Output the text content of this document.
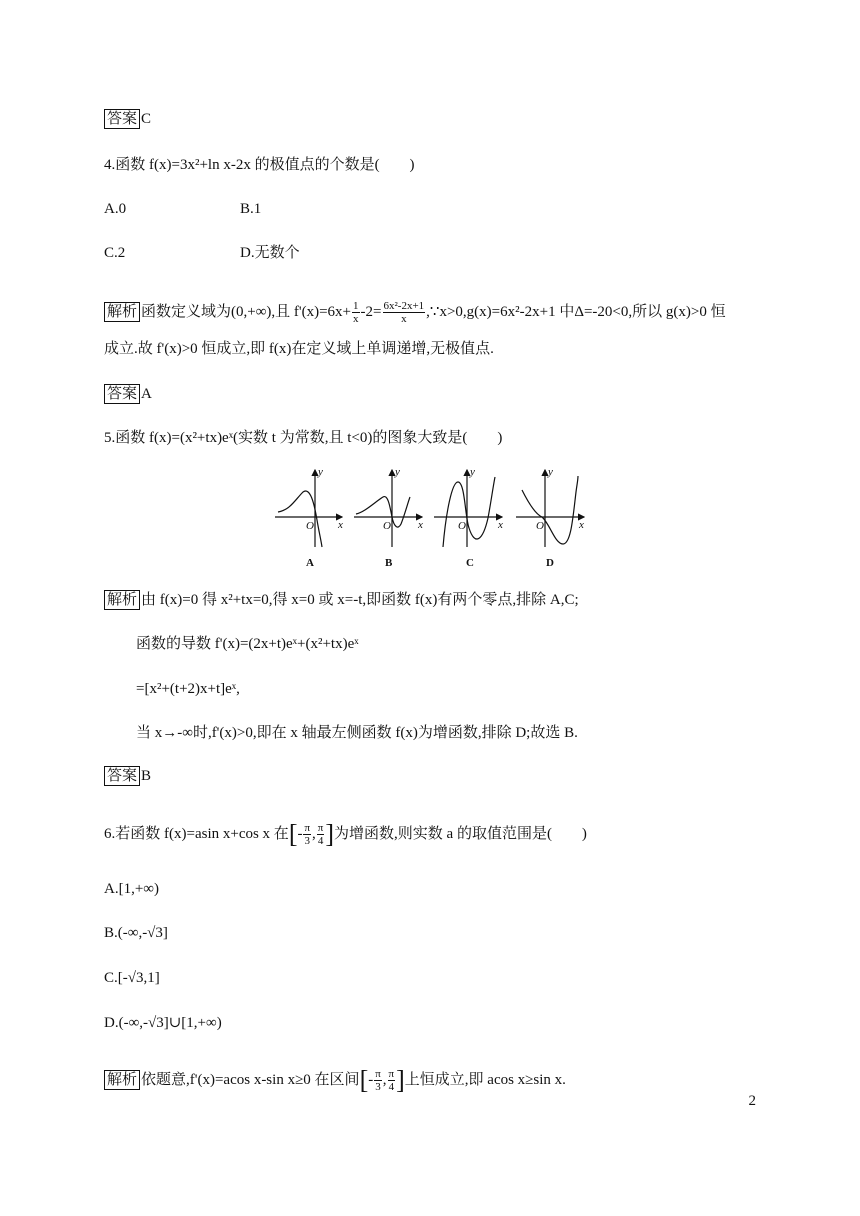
答案 C
4.函数 f(x)=3x²+ln x-2x 的极值点的个数是(　　)
A.0	B.1
C.2	D.无数个
解析 函数定义域为(0,+∞),且 $f'(x)=6x+ \frac{1}{x} -2= \frac{\text{6x²-2x+1}}{x}$ ,∵x>0,g(x)=6x²-2x+1 中Δ=-20<0,所以 g(x)>0 恒
成立.故 f'(x)>0 恒成立,即 f(x)在定义域上单调递增,无极值点.
答案 A
5.函数 f(x)=(x²+tx)eˣ(实数 t 为常数,且 t<0)的图象大致是(　　)
y
x
O
y
x
O
y
x
O
y
x
O
A	B	C	D
解析 由 f(x)=0 得 x²+tx=0,得 x=0 或 x=-t,即函数 f(x)有两个零点,排除 A,C;
函数的导数 f'(x)=(2x+t)eˣ+(x²+tx)eˣ
=[x²+(t+2)x+t]eˣ,
当 x→-∞时,f'(x)>0,即在 x 轴最左侧函数 f(x)为增函数,排除 D;故选 B.
答案 B
6.若函数 f(x)=asin x+cos x 在[- $\frac{\pi}{3}$ , $\frac{\pi}{4}$ ]为增函数,则实数 a 的取值范围是(　　)
A.[1,+∞)
B.(-∞,-√3]
C.[-√3,1]
D.(-∞,-√3]∪[1,+∞)
解析 依题意,f'(x)=acos x-sin x≥0 在区间[- $\frac{\pi}{3}$ , $\frac{\pi}{4}$ ]上恒成立,即 acos x≥sin x.
2
